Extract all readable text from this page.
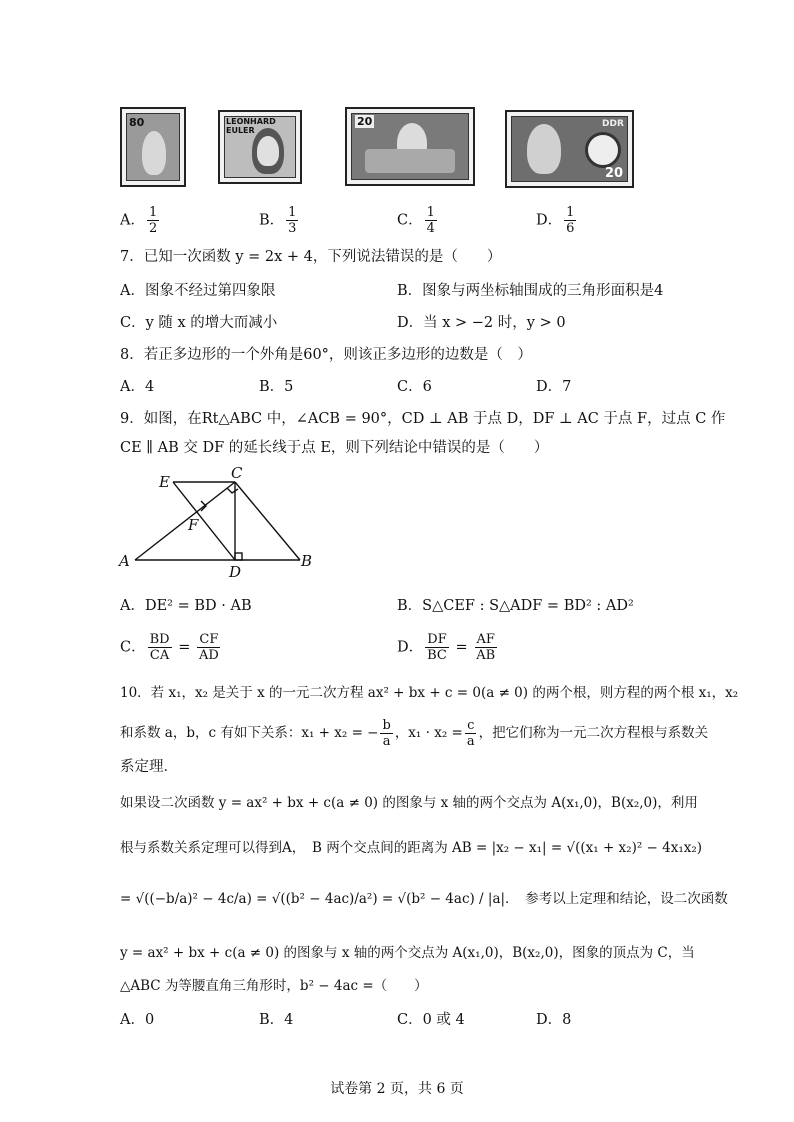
80	LEONHARD EULER
20	DDR
20
A． $\frac{1}{2}$	B． $\frac{1}{3}$	C． $\frac{1}{4}$	D． $\frac{1}{6}$
7．已知一次函数 y = 2x + 4，下列说法错误的是（　　）
A．图象不经过第四象限	B．图象与两坐标轴围成的三角形面积是4
C．y 随 x 的增大而减小	D．当 x > −2 时，y > 0
8．若正多边形的一个外角是60°，则该正多边形的边数是（　）
A．4	B．5	C．6	D．7
9．如图，在Rt△ABC 中，∠ACB = 90°，CD ⊥ AB 于点 D，DF ⊥ AC 于点 F，过点 C 作
CE ∥ AB 交 DF 的延长线于点 E，则下列结论中错误的是（　　）
E	C
F
A
D
B
A．DE² = BD · AB	B．S△CEF : S△ADF = BD² : AD²
C． $\frac{BD}{CA} = \frac{CF}{AD}$	D． $\frac{DF}{BC} = \frac{AF}{AB}$
10．若 x₁，x₂ 是关于 x 的一元二次方程 ax² + bx + c = 0(a ≠ 0) 的两个根，则方程的两个根 x₁，x₂
和系数 a，b，c 有如下关系：x₁ + x₂ = − $\frac{b}{a}$ ，$x_1 \cdot x_2 = \frac{c}{a}$ ，把它们称为一元二次方程根与系数关
系定理．
如果设二次函数 y = ax² + bx + c(a ≠ 0) 的图象与 x 轴的两个交点为 A(x₁,0)，B(x₂,0)，利用
根与系数关系定理可以得到A，　B 两个交点间的距离为 AB = |x₂ − x₁| = √((x₁ + x₂)² − 4x₁x₂)
= √((−b/a)² − 4c/a) = √((b² − 4ac)/a²) = √(b² − 4ac) / |a|．　参考以上定理和结论，设二次函数
y = ax² + bx + c(a ≠ 0) 的图象与 x 轴的两个交点为 A(x₁,0)，B(x₂,0)，图象的顶点为 C，当
△ABC 为等腰直角三角形时，b² − 4ac =（　　）
A．0	B．4	C．0 或 4	D．8
试卷第 2 页，共 6 页
